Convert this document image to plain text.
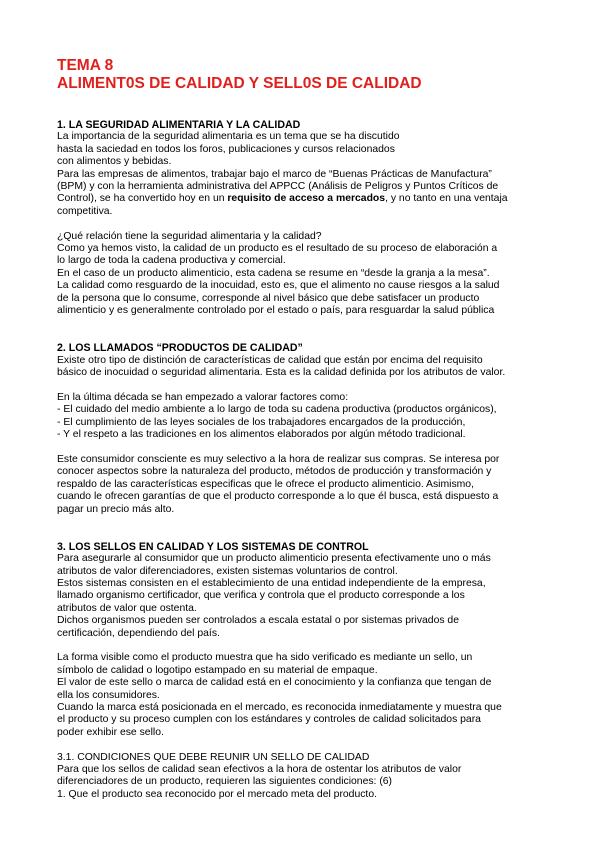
TEMA 8
ALIMENT0S DE CALIDAD Y SELL0S DE CALIDAD
1. LA SEGURIDAD ALIMENTARIA Y LA CALIDAD

La importancia de la seguridad alimentaria es un tema que se ha discutido
hasta la saciedad en todos los foros, publicaciones y cursos relacionados
con alimentos y bebidas.
Para las empresas de alimentos, trabajar bajo el marco de “Buenas Prácticas de Manufactura”
(BPM) y con la herramienta administrativa del APPCC (Análisis de Peligros y Puntos Críticos de
Control), se ha convertido hoy en un requisito de acceso a mercados, y no tanto en una ventaja
competitiva.

¿Qué relación tiene la seguridad alimentaria y la calidad?
Como ya hemos visto, la calidad de un producto es el resultado de su proceso de elaboración a
lo largo de toda la cadena productiva y comercial.
En el caso de un producto alimenticio, esta cadena se resume en “desde la granja a la mesa”.
La calidad como resguardo de la inocuidad, esto es, que el alimento no cause riesgos a la salud
de la persona que lo consume, corresponde al nivel básico que debe satisfacer un producto
alimenticio y es generalmente controlado por el estado o país, para resguardar la salud pública

2. LOS LLAMADOS “PRODUCTOS DE CALIDAD”

Existe otro tipo de distinción de características de calidad que están por encima del requisito
básico de inocuidad o seguridad alimentaria. Esta es la calidad definida por los atributos de valor.

En la última década se han empezado a valorar factores como:
- El cuidado del medio ambiente a lo largo de toda su cadena productiva (productos orgánicos),
- El cumplimiento de las leyes sociales de los trabajadores encargados de la producción,
- Y el respeto a las tradiciones en los alimentos elaborados por algún método tradicional.

Este consumidor consciente es muy selectivo a la hora de realizar sus compras. Se interesa por
conocer aspectos sobre la naturaleza del producto, métodos de producción y transformación y
respaldo de las características especificas que le ofrece el producto alimenticio. Asimismo,
cuando le ofrecen garantías de que el producto corresponde a lo que él busca, está dispuesto a
pagar un precio más alto.

3. LOS SELLOS EN CALIDAD Y LOS SISTEMAS DE CONTROL

Para asegurarle al consumidor que un producto alimenticio presenta efectivamente uno o más
atributos de valor diferenciadores, existen sistemas voluntarios de control.
Estos sistemas consisten en el establecimiento de una entidad independiente de la empresa,
llamado organismo certificador, que verifica y controla que el producto corresponde a los
atributos de valor que ostenta.
Dichos organismos pueden ser controlados a escala estatal o por sistemas privados de
certificación, dependiendo del país.

La forma visible como el producto muestra que ha sido verificado es mediante un sello, un
símbolo de calidad o logotipo estampado en su material de empaque.
El valor de este sello o marca de calidad está en el conocimiento y la confianza que tengan de
ella los consumidores.
Cuando la marca está posicionada en el mercado, es reconocida inmediatamente y muestra que
el producto y su proceso cumplen con los estándares y controles de calidad solicitados para
poder exhibir ese sello.

3.1. CONDICIONES QUE DEBE REUNIR UN SELLO DE CALIDAD

Para que los sellos de calidad sean efectivos a la hora de ostentar los atributos de valor
diferenciadores de un producto, requieren las siguientes condiciones: (6)
1. Que el producto sea reconocido por el mercado meta del producto.
